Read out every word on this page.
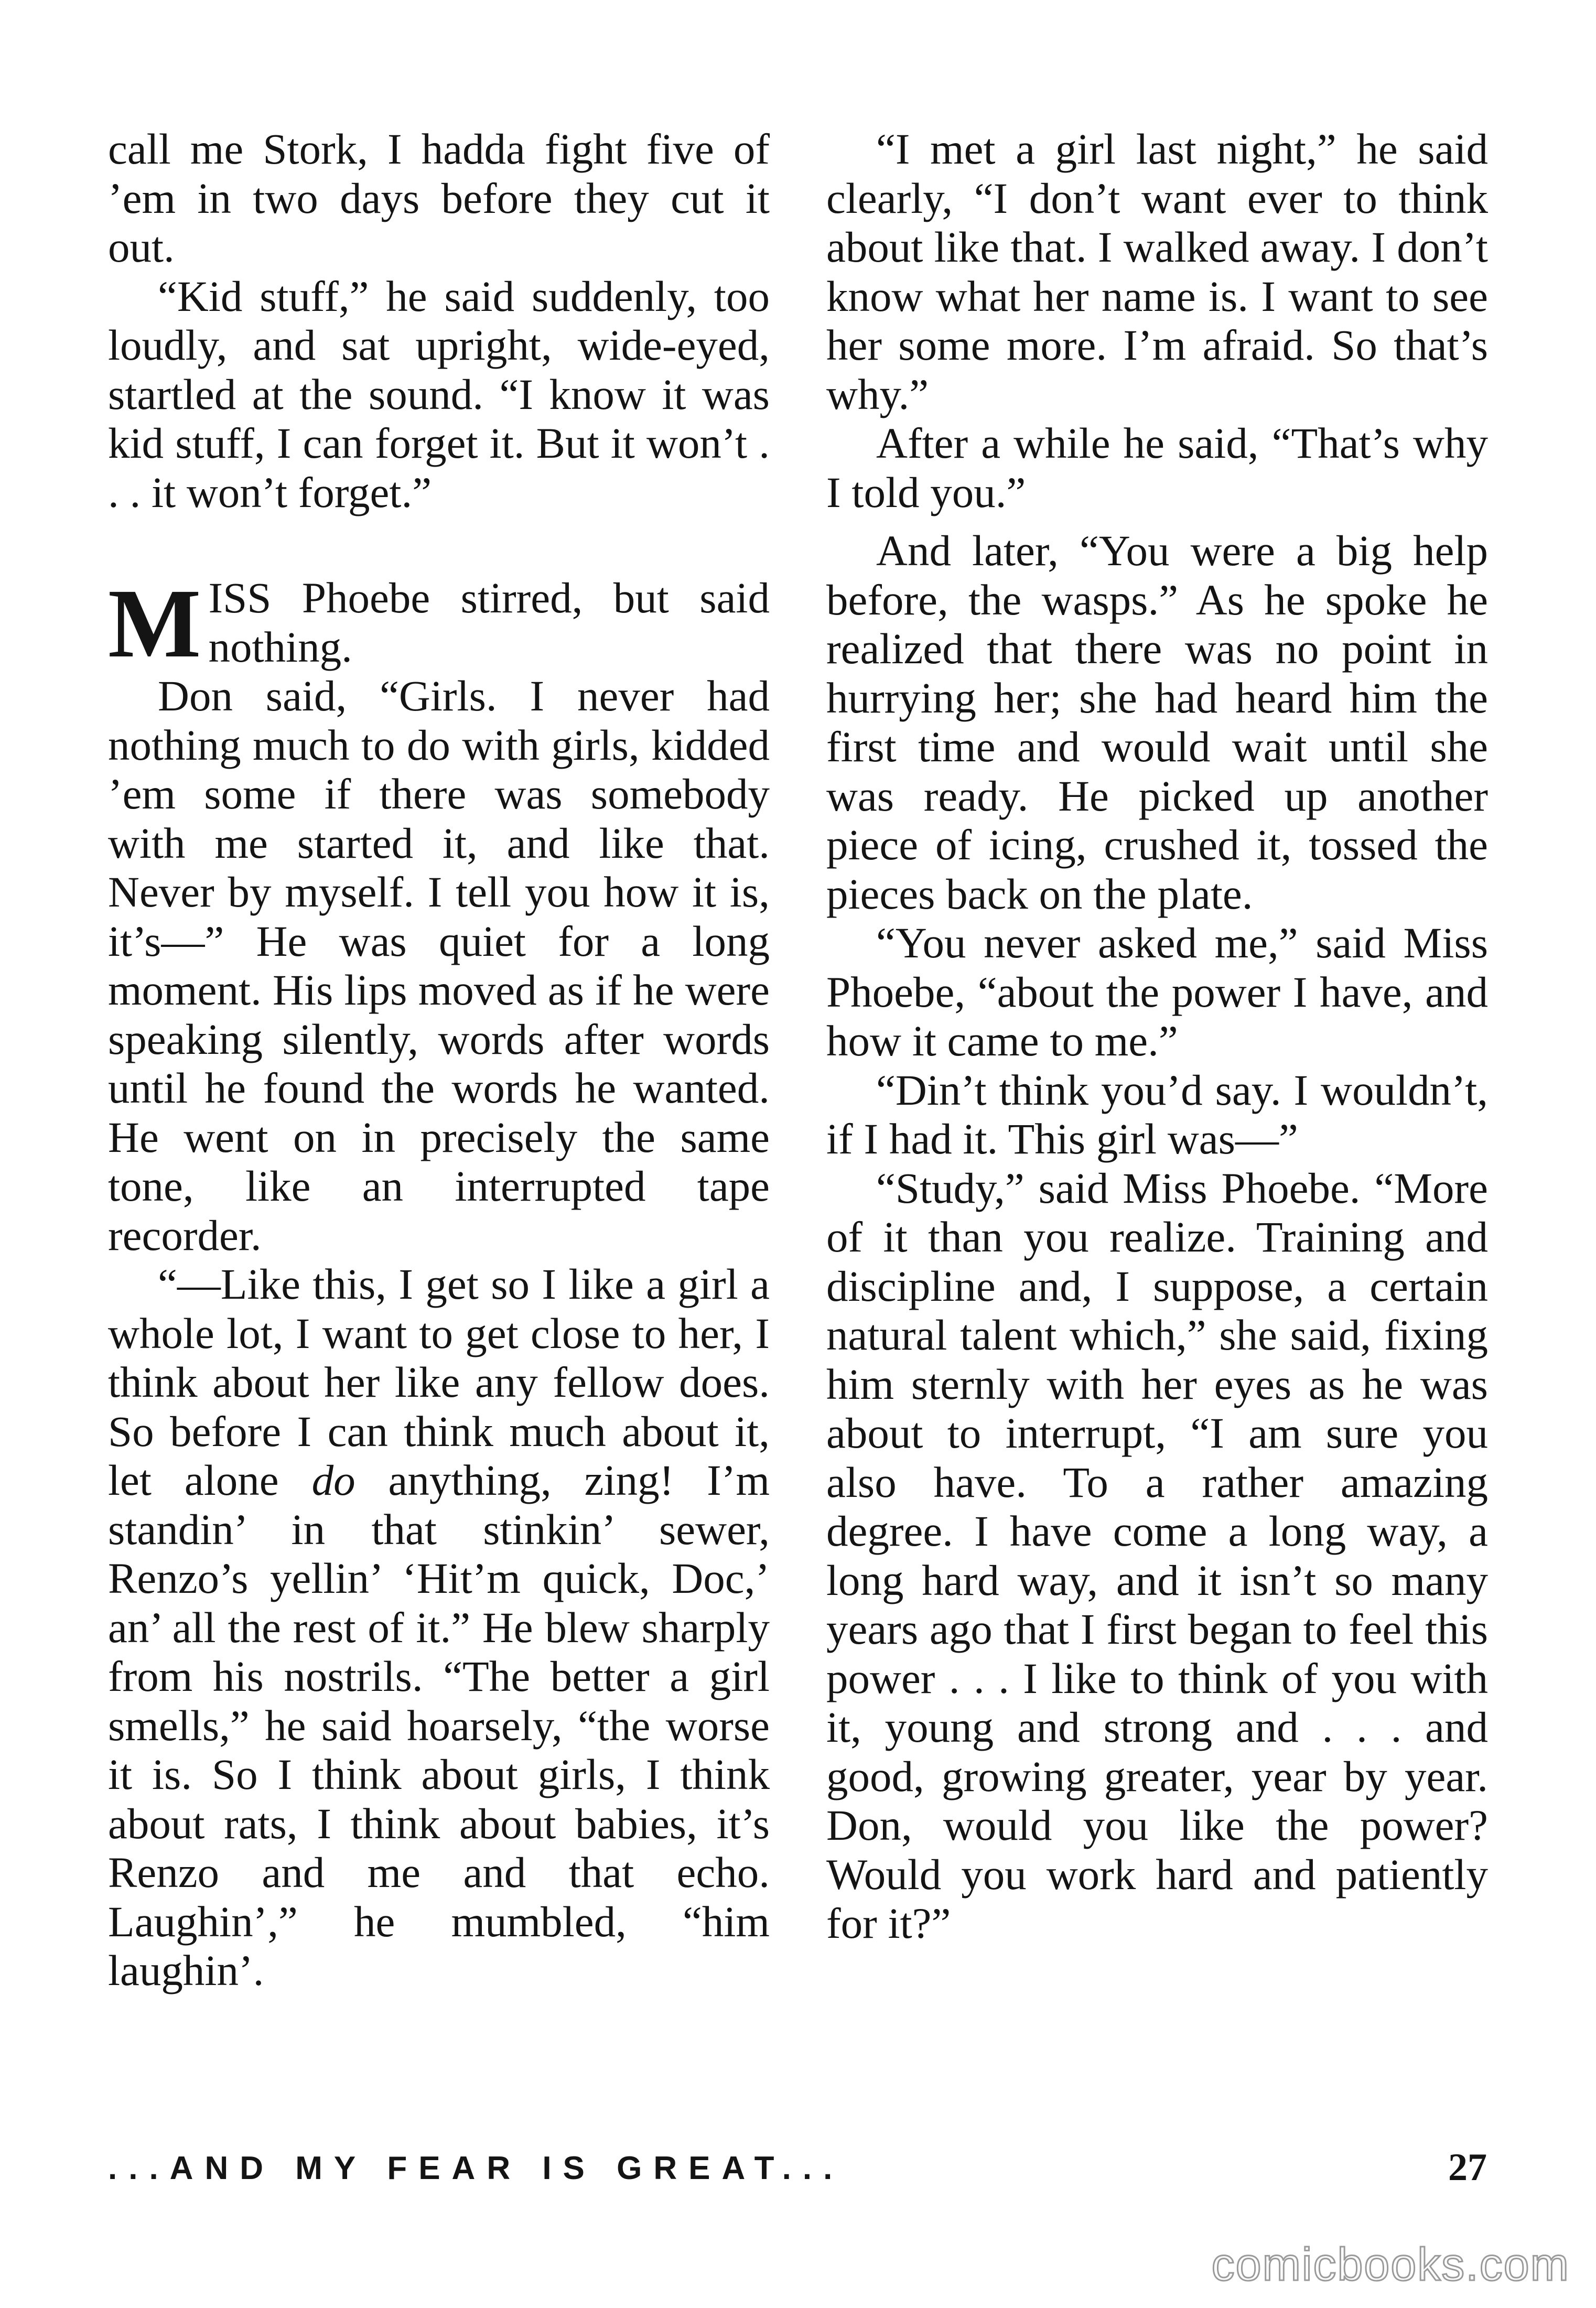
call me Stork, I hadda fight five of ’em in two days before they cut it out.

“Kid stuff,” he said suddenly, too loudly, and sat upright, wide-eyed, startled at the sound. “I know it was kid stuff, I can forget it. But it won’t . . . it won’t forget.”

MISS Phoebe stirred, but said nothing.

Don said, “Girls. I never had nothing much to do with girls, kidded ’em some if there was somebody with me started it, and like that. Never by myself. I tell you how it is, it’s—” He was quiet for a long moment. His lips moved as if he were speaking silently, words after words until he found the words he wanted. He went on in precisely the same tone, like an interrupted tape recorder.

“—Like this, I get so I like a girl a whole lot, I want to get close to her, I think about her like any fellow does. So before I can think much about it, let alone do anything, zing! I’m standin’ in that stinkin’ sewer, Renzo’s yellin’ ‘Hit’m quick, Doc,’ an’ all the rest of it.” He blew sharply from his nostrils. “The better a girl smells,” he said hoarsely, “the worse it is. So I think about girls, I think about rats, I think about babies, it’s Renzo and me and that echo. Laughin’,” he mumbled, “him laughin’.

“I met a girl last night,” he said clearly, “I don’t want ever to think about like that. I walked away. I don’t know what her name is. I want to see her some more. I’m afraid. So that’s why.”

After a while he said, “That’s why I told you.”

And later, “You were a big help before, the wasps.” As he spoke he realized that there was no point in hurrying her; she had heard him the first time and would wait until she was ready. He picked up another piece of icing, crushed it, tossed the pieces back on the plate.

“You never asked me,” said Miss Phoebe, “about the power I have, and how it came to me.”

“Din’t think you’d say. I wouldn’t, if I had it. This girl was—”

“Study,” said Miss Phoebe. “More of it than you realize. Training and discipline and, I suppose, a certain natural talent which,” she said, fixing him sternly with her eyes as he was about to interrupt, “I am sure you also have. To a rather amazing degree. I have come a long way, a long hard way, and it isn’t so many years ago that I first began to feel this power . . . I like to think of you with it, young and strong and . . . and good, growing greater, year by year. Don, would you like the power? Would you work hard and patiently for it?”

...AND MY FEAR IS GREAT...	27
comicbooks.com
